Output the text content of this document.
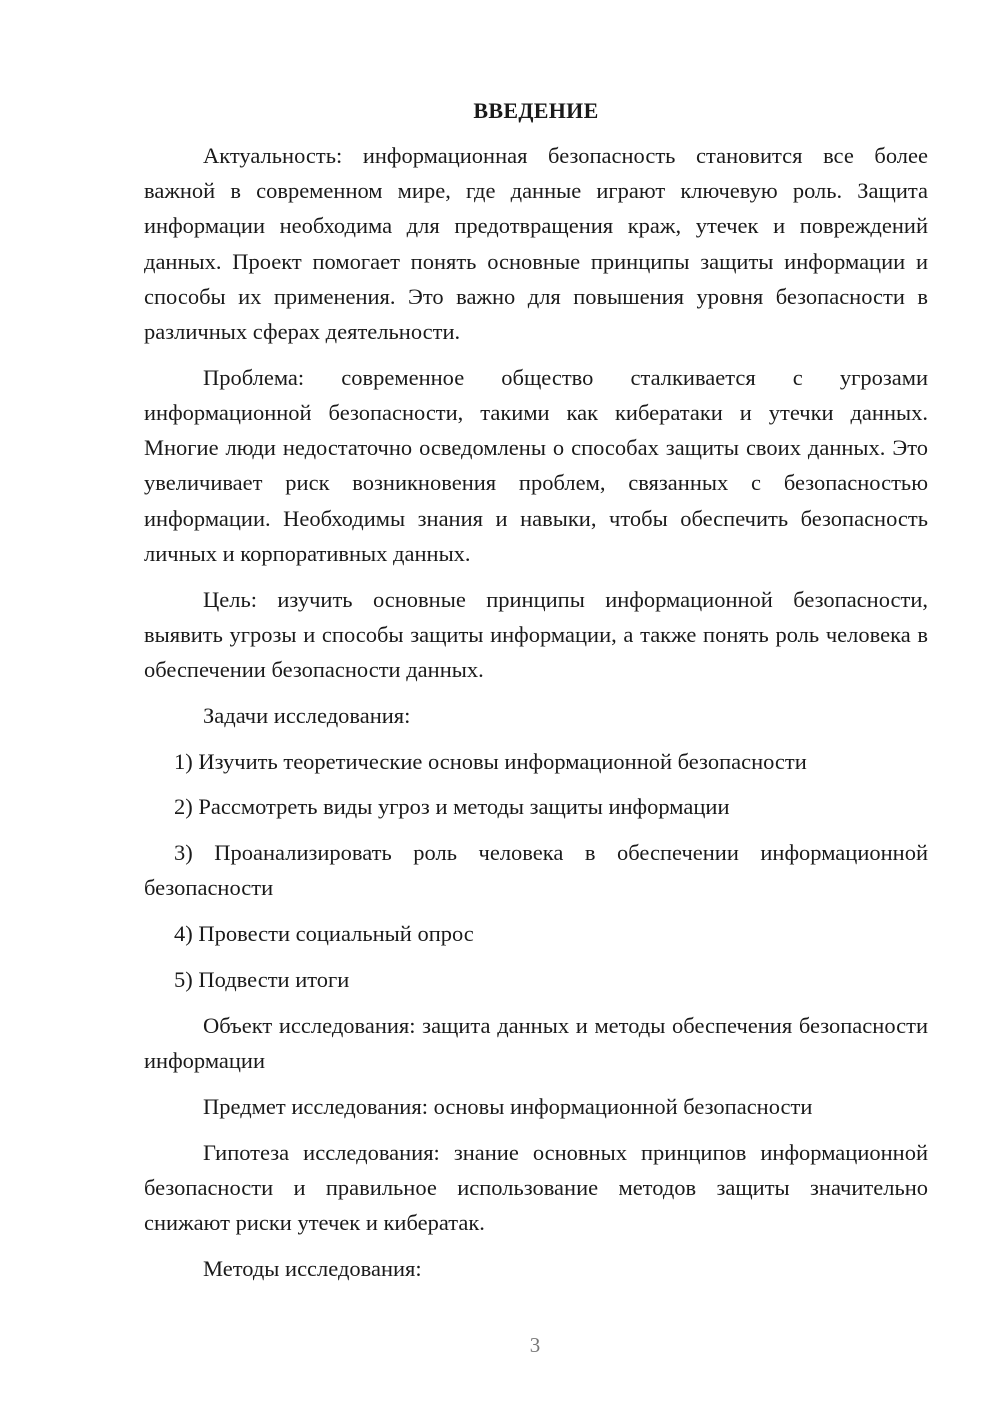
ВВЕДЕНИЕ

Актуальность: информационная безопасность становится все более важной в современном мире, где данные играют ключевую роль. Защита информации необходима для предотвращения краж, утечек и повреждений данных. Проект помогает понять основные принципы защиты информации и способы их применения. Это важно для повышения уровня безопасности в различных сферах деятельности.

Проблема: современное общество сталкивается с угрозами информационной безопасности, такими как кибератаки и утечки данных. Многие люди недостаточно осведомлены о способах защиты своих данных. Это увеличивает риск возникновения проблем, связанных с безопасностью информации. Необходимы знания и навыки, чтобы обеспечить безопасность личных и корпоративных данных.

Цель: изучить основные принципы информационной безопасности, выявить угрозы и способы защиты информации, а также понять роль человека в обеспечении безопасности данных.

Задачи исследования:

1) Изучить теоретические основы информационной безопасности

2) Рассмотреть виды угроз и методы защиты информации

3) Проанализировать роль человека в обеспечении информационной безопасности

4) Провести социальный опрос

5) Подвести итоги

Объект исследования: защита данных и методы обеспечения безопасности информации

Предмет исследования: основы информационной безопасности

Гипотеза исследования: знание основных принципов информационной безопасности и правильное использование методов защиты значительно снижают риски утечек и кибератак.

Методы исследования:

3
